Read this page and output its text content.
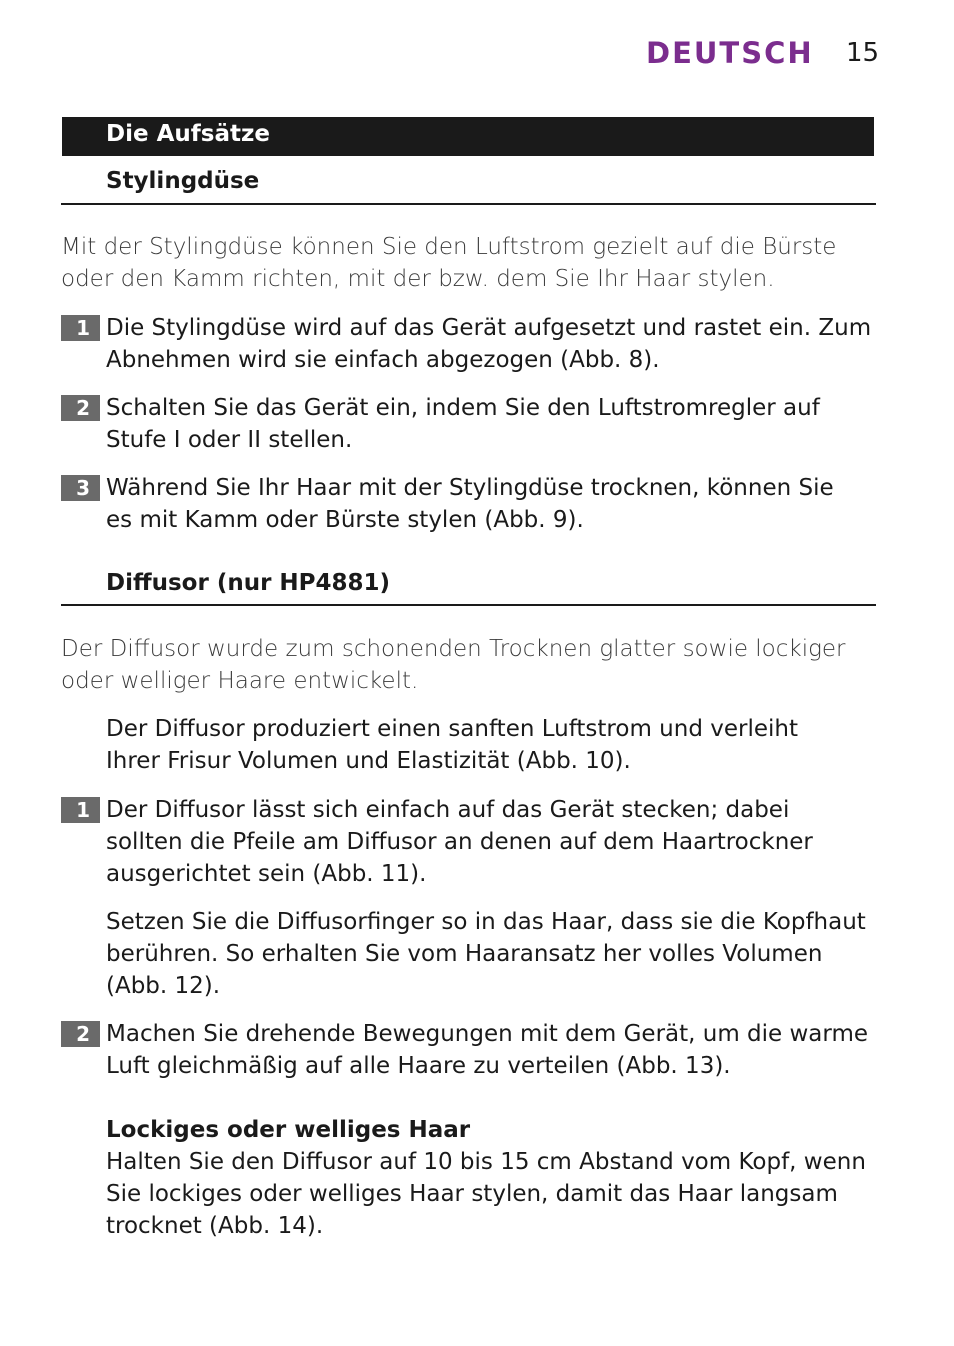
DEUTSCH 15
Die Aufsätze
Stylingdüse
Mit der Stylingdüse können Sie den Luftstrom gezielt auf die Bürste
oder den Kamm richten, mit der bzw. dem Sie Ihr Haar stylen.
1 Die Stylingdüse wird auf das Gerät aufgesetzt und rastet ein. Zum
Abnehmen wird sie einfach abgezogen (Abb. 8).
2 Schalten Sie das Gerät ein, indem Sie den Luftstromregler auf
Stufe I oder II stellen.
3 Während Sie Ihr Haar mit der Stylingdüse trocknen, können Sie
es mit Kamm oder Bürste stylen (Abb. 9).
Diffusor (nur HP4881)
Der Diffusor wurde zum schonenden Trocknen glatter sowie lockiger
oder welliger Haare entwickelt.
Der Diffusor produziert einen sanften Luftstrom und verleiht
Ihrer Frisur Volumen und Elastizität (Abb. 10).
1 Der Diffusor lässt sich einfach auf das Gerät stecken; dabei
sollten die Pfeile am Diffusor an denen auf dem Haartrockner
ausgerichtet sein (Abb. 11).
Setzen Sie die Diffusorfinger so in das Haar, dass sie die Kopfhaut
berühren. So erhalten Sie vom Haaransatz her volles Volumen
(Abb. 12).
2 Machen Sie drehende Bewegungen mit dem Gerät, um die warme
Luft gleichmäßig auf alle Haare zu verteilen (Abb. 13).
Lockiges oder welliges Haar
Halten Sie den Diffusor auf 10 bis 15 cm Abstand vom Kopf, wenn
Sie lockiges oder welliges Haar stylen, damit das Haar langsam
trocknet (Abb. 14).
